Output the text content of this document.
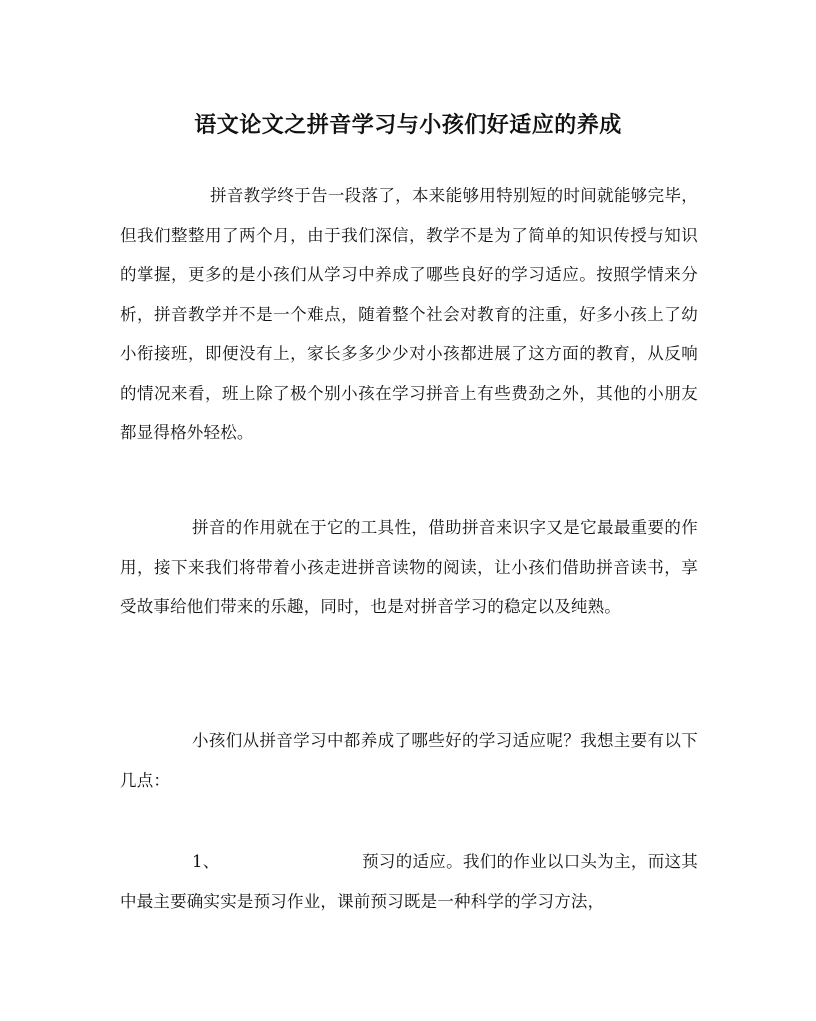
语文论文之拼音学习与小孩们好适应的养成

拼音教学终于告一段落了，本来能够用特别短的时间就能够完毕，但我们整整用了两个月，由于我们深信，教学不是为了简单的知识传授与知识的掌握，更多的是小孩们从学习中养成了哪些良好的学习适应。按照学情来分析，拼音教学并不是一个难点，随着整个社会对教育的注重，好多小孩上了幼小衔接班，即便没有上，家长多多少少对小孩都进展了这方面的教育，从反响的情况来看，班上除了极个别小孩在学习拼音上有些费劲之外，其他的小朋友都显得格外轻松。

拼音的作用就在于它的工具性，借助拼音来识字又是它最最重要的作用，接下来我们将带着小孩走进拼音读物的阅读，让小孩们借助拼音读书，享受故事给他们带来的乐趣，同时，也是对拼音学习的稳定以及纯熟。

小孩们从拼音学习中都养成了哪些好的学习适应呢？我想主要有以下几点：

1、	预习的适应。我们的作业以口头为主，而这其中最主要确实实是预习作业，课前预习既是一种科学的学习方法，
